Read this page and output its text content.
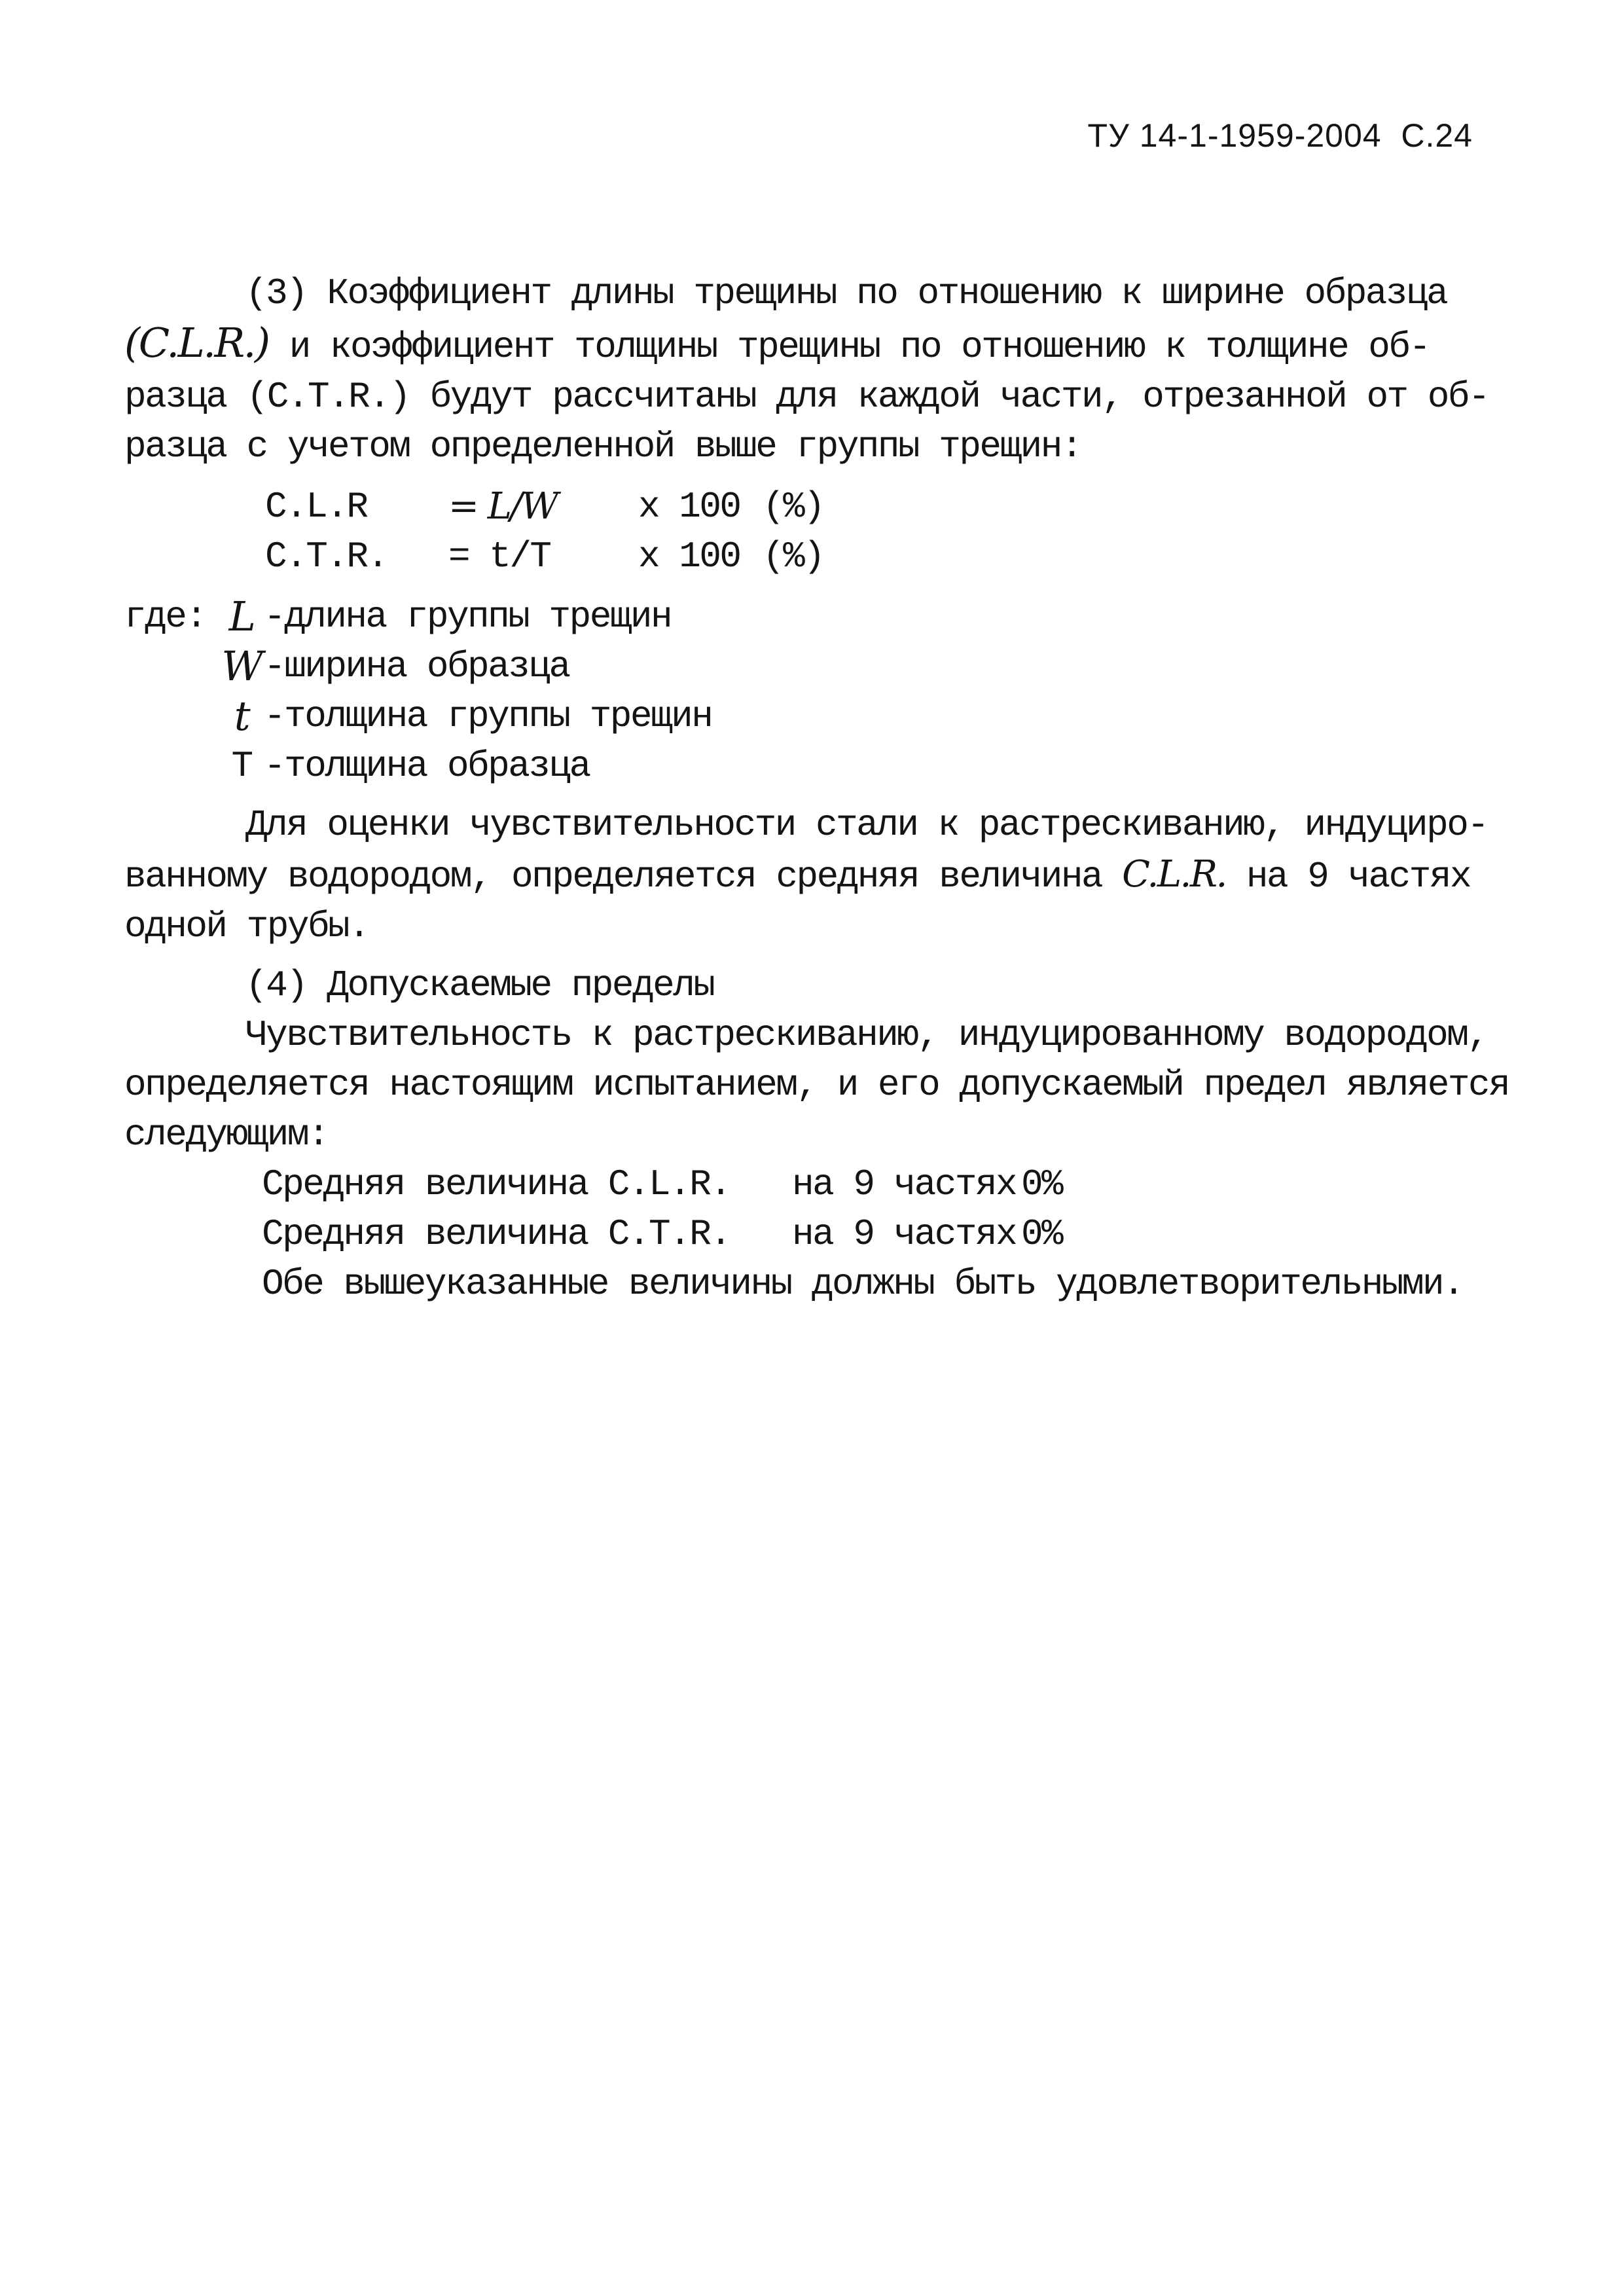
ТУ 14-1-1959-2004 С.24

(3) Коэффициент длины трещины по отношению к ширине образца

(C.L.R.) и коэффициент толщины трещины по отношению к толщине об-

разца (C.T.R.) будут рассчитаны для каждой части, отрезанной от об-

разца с учетом определенной выше группы трещин:

C.L.R	= L/W	x 100 (%)
C.T.R.	= t/T	x 100 (%)
где: L -длина группы трещин
W -ширина образца
t -толщина группы трещин
T -толщина образца

Для оценки чувствительности стали к растрескиванию, индуциро-

ванному водородом, определяется средняя величина C.L.R. на 9 частях

одной трубы.

(4) Допускаемые пределы

Чувствительность к растрескиванию, индуцированному водородом,

определяется настоящим испытанием, и его допускаемый предел является

следующим:

Средняя величина C.L.R.	на 9 частях 0%
Средняя величина C.T.R.	на 9 частях 0%

Обе вышеуказанные величины должны быть удовлетворительными.
